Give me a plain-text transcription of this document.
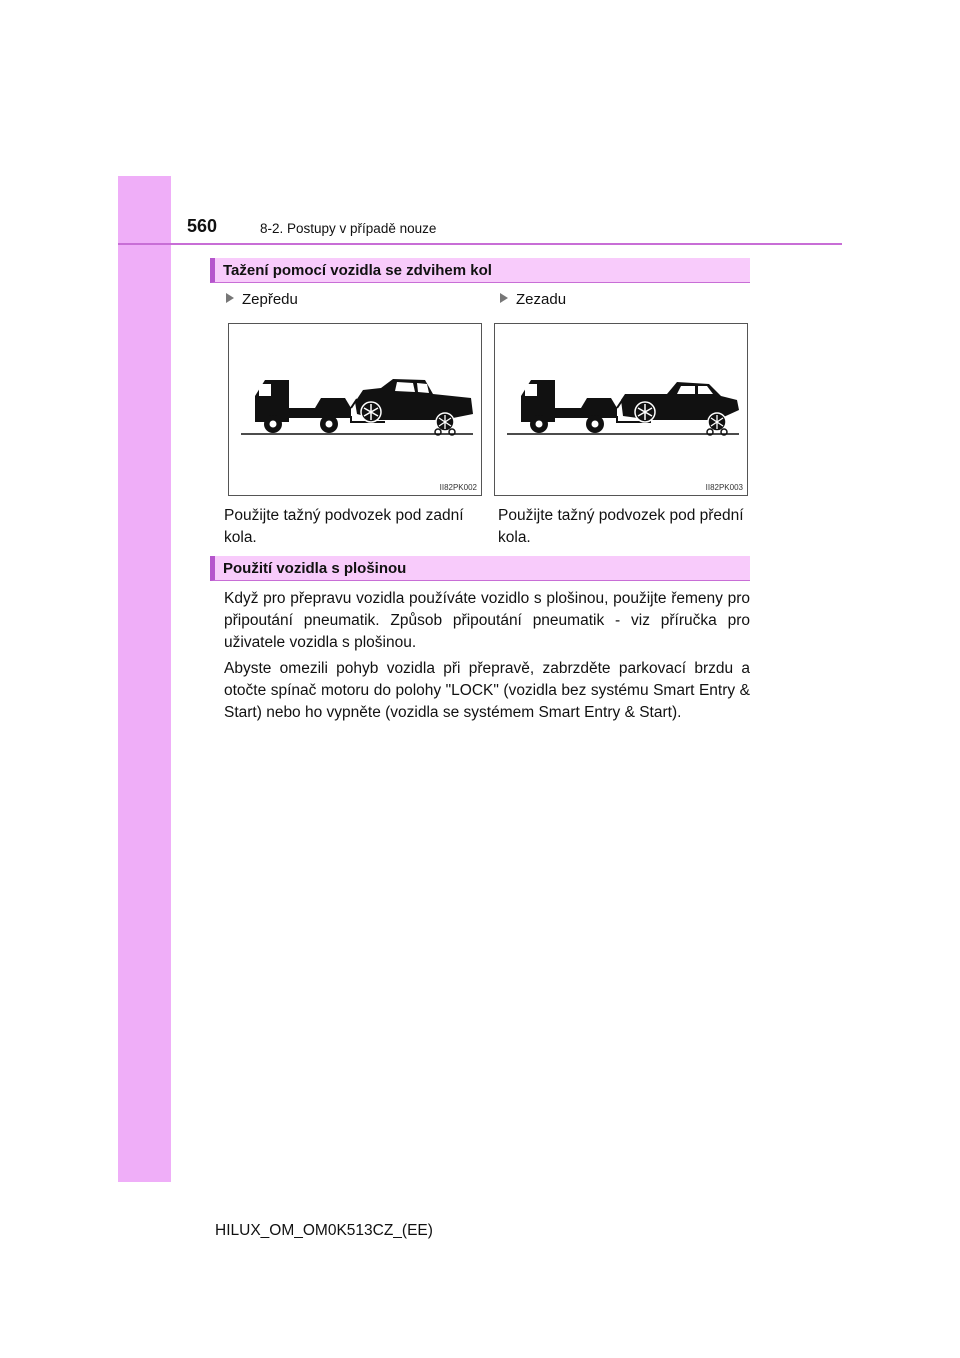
560	8-2. Postupy v případě nouze
Tažení pomocí vozidla se zdvihem kol
Zepředu	Zezadu
II82PK002	II82PK003
Použijte tažný podvozek pod zadní kola.
Použijte tažný podvozek pod přední kola.
Použití vozidla s plošinou
Když pro přepravu vozidla používáte vozidlo s plošinou, použijte řemeny pro připoutání pneumatik. Způsob připoutání pneumatik - viz příručka pro uživatele vozidla s plošinou.
Abyste omezili pohyb vozidla při přepravě, zabrzděte parkovací brzdu a otočte spínač motoru do polohy "LOCK" (vozidla bez systému Smart Entry & Start) nebo ho vypněte (vozidla se systémem Smart Entry & Start).
HILUX_OM_OM0K513CZ_(EE)
